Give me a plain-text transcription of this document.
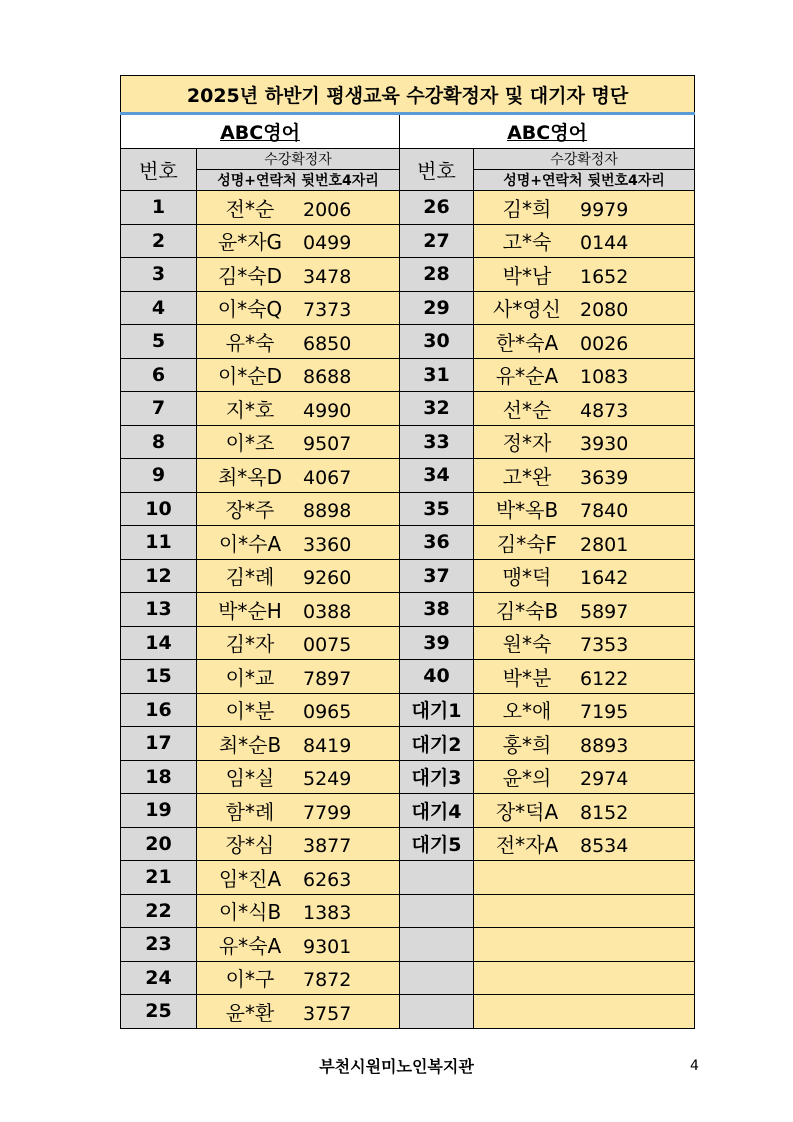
2025년 하반기 평생교육 수강확정자 및 대기자 명단			
ABC영어		ABC영어	
번호	수강확정자	번호	수강확정자
	성명+연락처 뒷번호4자리		성명+연락처 뒷번호4자리
1	전*순 2006	26	김*희 9979
2	윤*자G 0499	27	고*숙 0144
3	김*숙D 3478	28	박*남 1652
4	이*숙Q 7373	29	사*영신 2080
5	유*숙 6850	30	한*숙A 0026
6	이*순D 8688	31	유*순A 1083
7	지*호 4990	32	선*순 4873
8	이*조 9507	33	정*자 3930
9	최*옥D 4067	34	고*완 3639
10	장*주 8898	35	박*옥B 7840
11	이*수A 3360	36	김*숙F 2801
12	김*례 9260	37	맹*덕 1642
13	박*순H 0388	38	김*숙B 5897
14	김*자 0075	39	원*숙 7353
15	이*교 7897	40	박*분 6122
16	이*분 0965	대기1	오*애 7195
17	최*순B 8419	대기2	홍*희 8893
18	임*실 5249	대기3	윤*의 2974
19	함*례 7799	대기4	장*덕A 8152
20	장*심 3877	대기5	전*자A 8534
21	임*진A 6263		
22	이*식B 1383		
23	유*숙A 9301		
24	이*구 7872		
25	윤*환 3757		
부천시원미노인복지관	4
